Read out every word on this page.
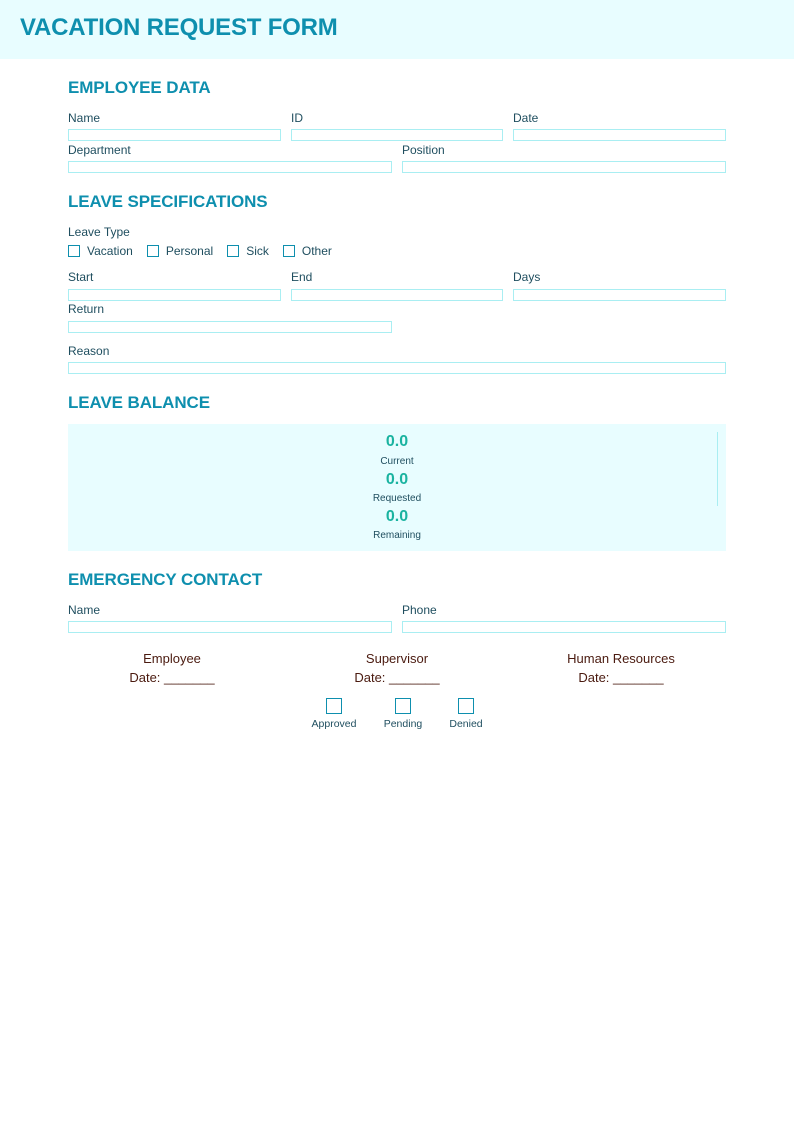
VACATION REQUEST FORM
EMPLOYEE DATA
Name	ID	Date
Department	Position
LEAVE SPECIFICATIONS
Leave Type
Vacation	Personal	Sick	Other
Start	End	Days
Return
Reason
LEAVE BALANCE
0.0
Current
0.0
Requested
0.0
Remaining
EMERGENCY CONTACT
Name	Phone
Employee
Date: _______
Supervisor
Date: _______
Human Resources
Date: _______
Approved	Pending	Denied
